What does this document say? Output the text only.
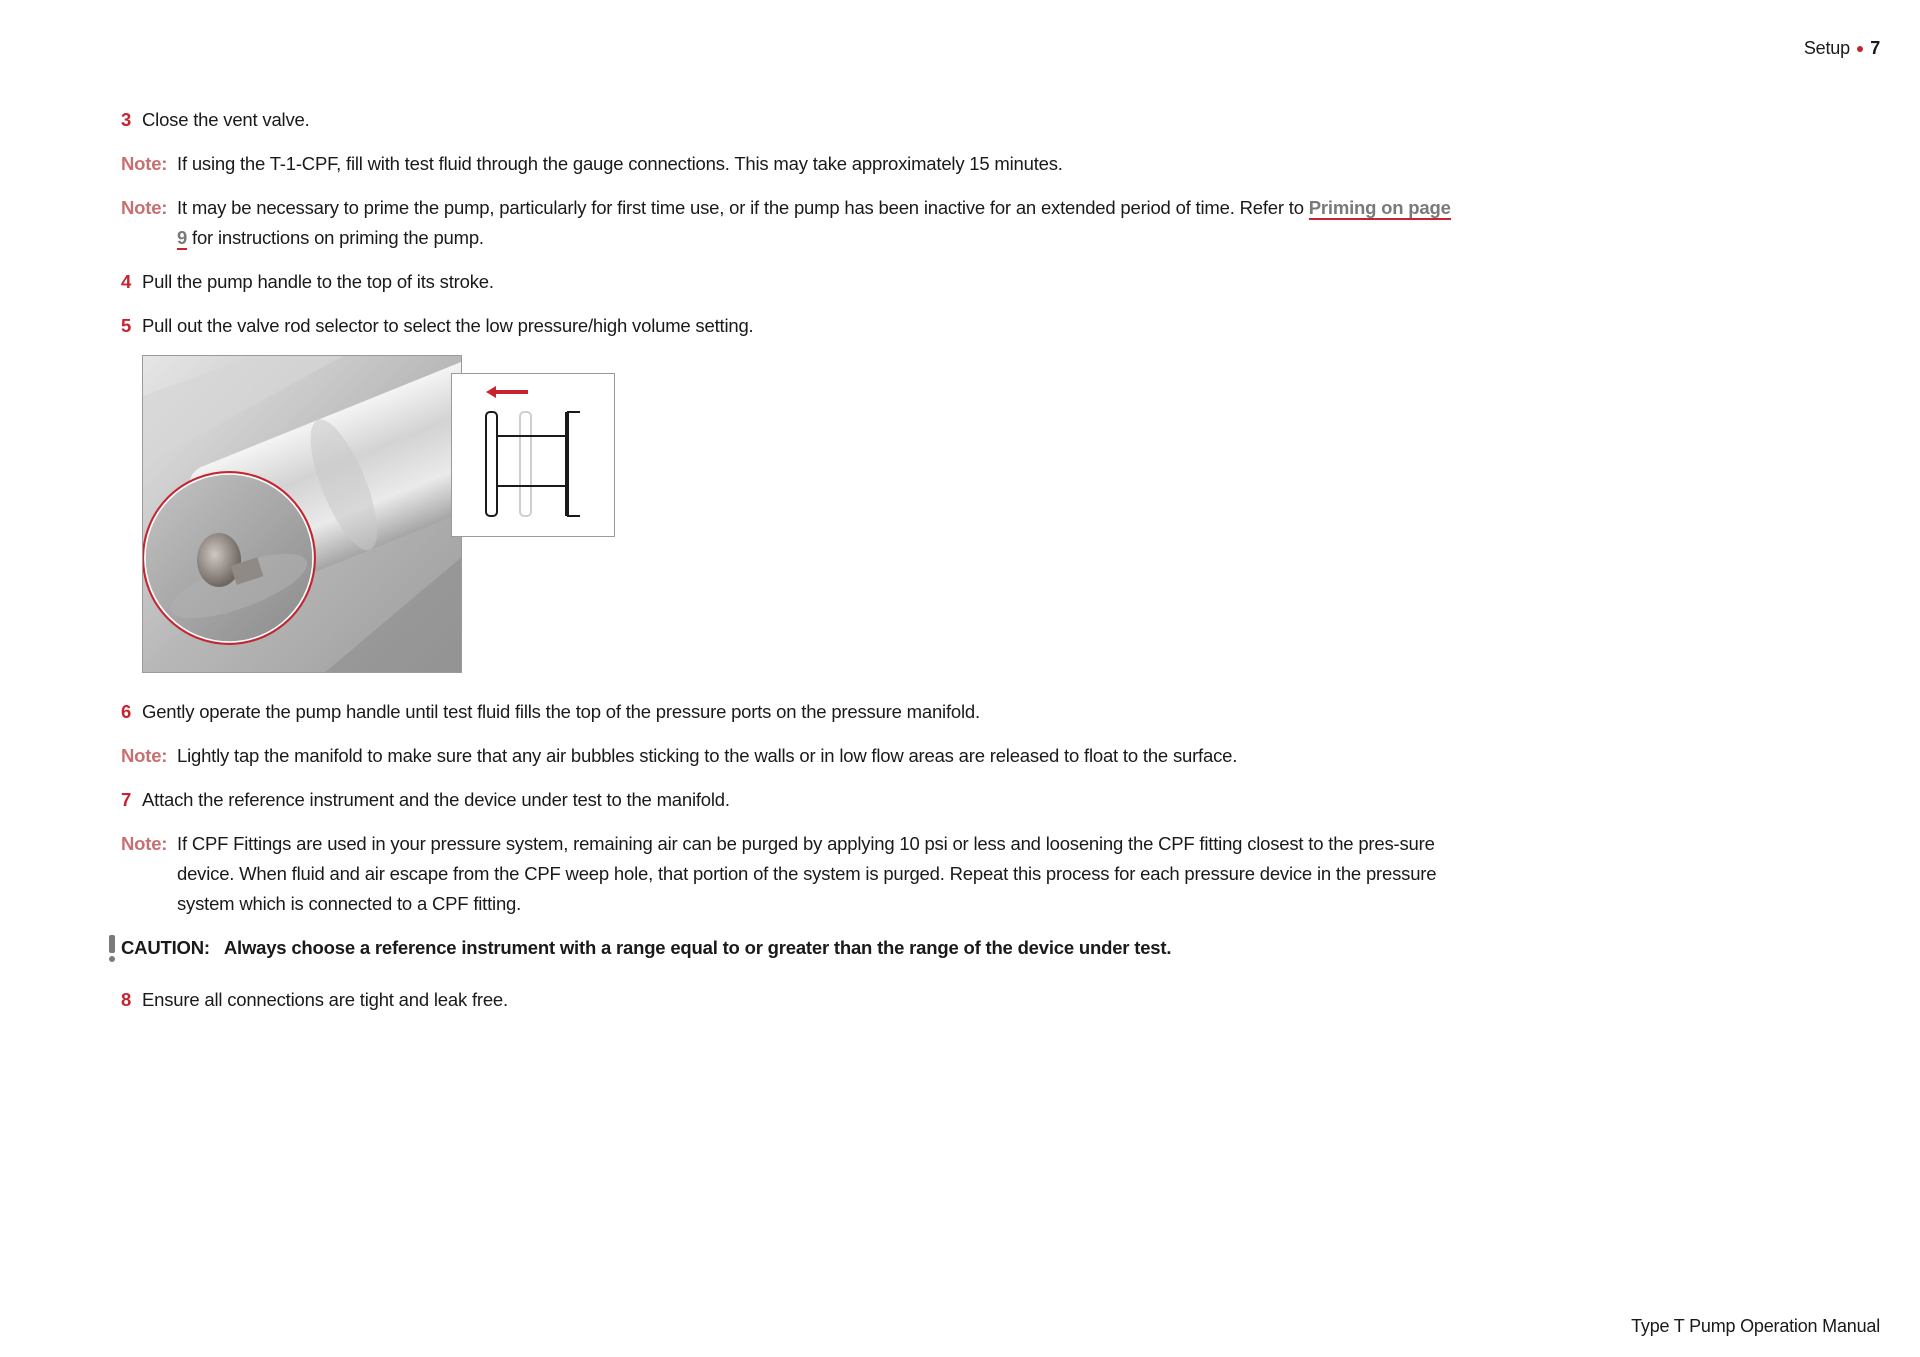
Setup ● 7
3 Close the vent valve.
Note: If using the T-1-CPF, fill with test fluid through the gauge connections. This may take approximately 15 minutes.
Note: It may be necessary to prime the pump, particularly for first time use, or if the pump has been inactive for an extended period of time. Refer to Priming on page 9 for instructions on priming the pump.
4 Pull the pump handle to the top of its stroke.
5 Pull out the valve rod selector to select the low pressure/high volume setting.
6 Gently operate the pump handle until test fluid fills the top of the pressure ports on the pressure manifold.
Note: Lightly tap the manifold to make sure that any air bubbles sticking to the walls or in low flow areas are released to float to the surface.
7 Attach the reference instrument and the device under test to the manifold.
Note: If CPF Fittings are used in your pressure system, remaining air can be purged by applying 10 psi or less and loosening the CPF fitting closest to the pres-sure device. When fluid and air escape from the CPF weep hole, that portion of the system is purged. Repeat this process for each pressure device in the pressure system which is connected to a CPF fitting.
CAUTION: Always choose a reference instrument with a range equal to or greater than the range of the device under test.
8 Ensure all connections are tight and leak free.
Type T Pump Operation Manual
